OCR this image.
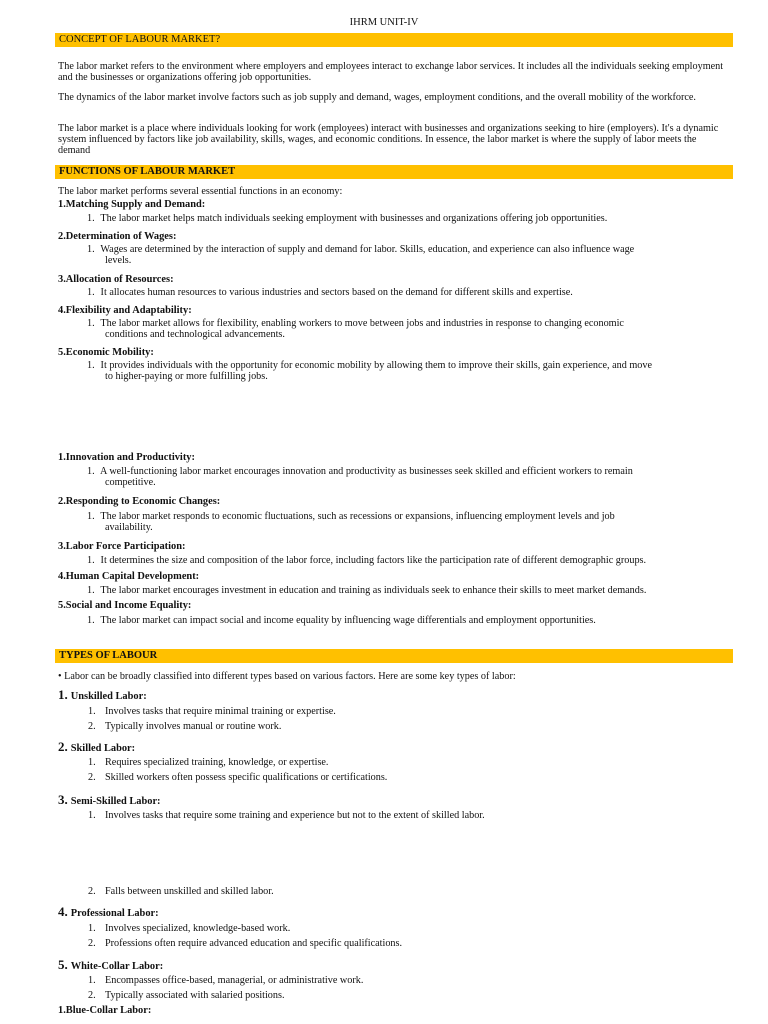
IHRM UNIT-IV
CONCEPT OF LABOUR MARKET?
The labor market refers to the environment where employers and employees interact to exchange labor services. It includes all the individuals seeking employment and the businesses or organizations offering job opportunities.
The dynamics of the labor market involve factors such as job supply and demand, wages, employment conditions, and the overall mobility of the workforce.
The labor market is a place where individuals looking for work (employees) interact with businesses and organizations seeking to hire (employers). It's a dynamic system influenced by factors like job availability, skills, wages, and economic conditions. In essence, the labor market is where the supply of labor meets the demand
FUNCTIONS OF LABOUR MARKET
The labor market performs several essential functions in an economy:
1.Matching Supply and Demand:
1. The labor market helps match individuals seeking employment with businesses and organizations offering job opportunities.
2.Determination of Wages:
1. Wages are determined by the interaction of supply and demand for labor. Skills, education, and experience can also influence wage
levels.
3.Allocation of Resources:
1. It allocates human resources to various industries and sectors based on the demand for different skills and expertise.
4.Flexibility and Adaptability:
1. The labor market allows for flexibility, enabling workers to move between jobs and industries in response to changing economic
conditions and technological advancements.
5.Economic Mobility:
1. It provides individuals with the opportunity for economic mobility by allowing them to improve their skills, gain experience, and move
to higher-paying or more fulfilling jobs.
1.Innovation and Productivity:
1. A well-functioning labor market encourages innovation and productivity as businesses seek skilled and efficient workers to remain
competitive.
2.Responding to Economic Changes:
1. The labor market responds to economic fluctuations, such as recessions or expansions, influencing employment levels and job
availability.
3.Labor Force Participation:
1. It determines the size and composition of the labor force, including factors like the participation rate of different demographic groups.
4.Human Capital Development:
1. The labor market encourages investment in education and training as individuals seek to enhance their skills to meet market demands.
5.Social and Income Equality:
1. The labor market can impact social and income equality by influencing wage differentials and employment opportunities.
TYPES OF LABOUR
• Labor can be broadly classified into different types based on various factors. Here are some key types of labor:
1. Unskilled Labor:
1. Involves tasks that require minimal training or expertise.
2. Typically involves manual or routine work.
2. Skilled Labor:
1. Requires specialized training, knowledge, or expertise.
2. Skilled workers often possess specific qualifications or certifications.
3. Semi-Skilled Labor:
1. Involves tasks that require some training and experience but not to the extent of skilled labor.
2. Falls between unskilled and skilled labor.
4. Professional Labor:
1. Involves specialized, knowledge-based work.
2. Professions often require advanced education and specific qualifications.
5. White-Collar Labor:
1. Encompasses office-based, managerial, or administrative work.
2. Typically associated with salaried positions.
1.Blue-Collar Labor:
